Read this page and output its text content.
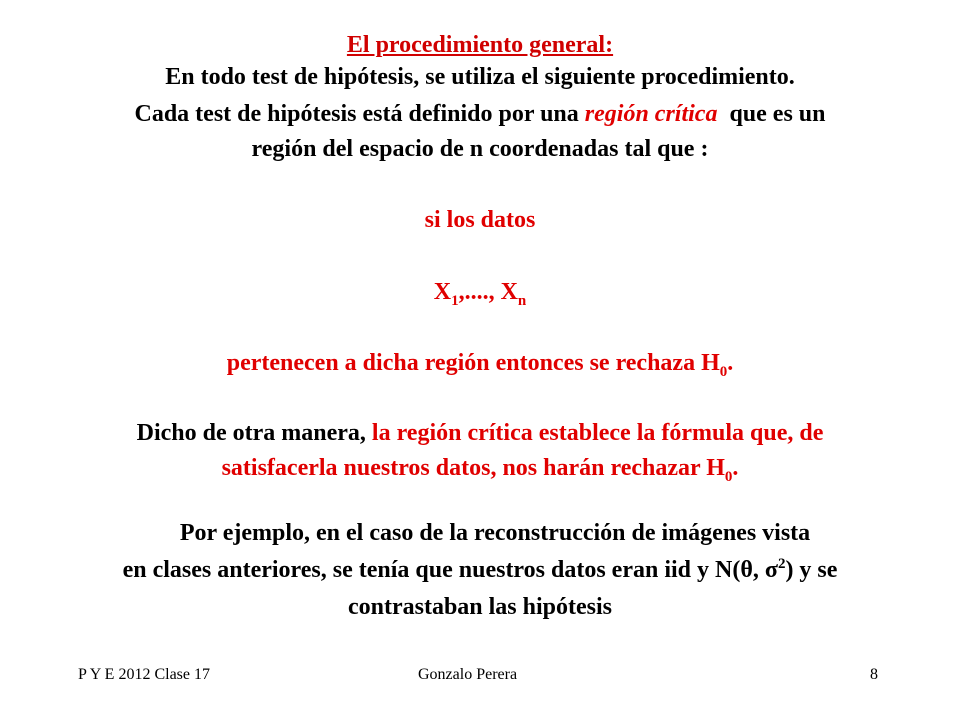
El procedimiento general:
En todo test de hipótesis, se utiliza el siguiente procedimiento.
Cada test de hipótesis está definido por una región crítica  que es un
región del espacio de n coordenadas tal que :
si los datos
$X_1$,...., $X_n$
pertenecen a dicha región entonces se rechaza $H_0$.
Dicho de otra manera, la región crítica establece la fórmula que, de
satisfacerla nuestros datos, nos harán rechazar $H_0$.
Por ejemplo, en el caso de la reconstrucción de imágenes vista
en clases anteriores, se tenía que nuestros datos eran iid y N(θ, $\sigma^2$) y se
contrastaban las hipótesis
P Y E 2012 Clase 17	Gonzalo Perera	8
